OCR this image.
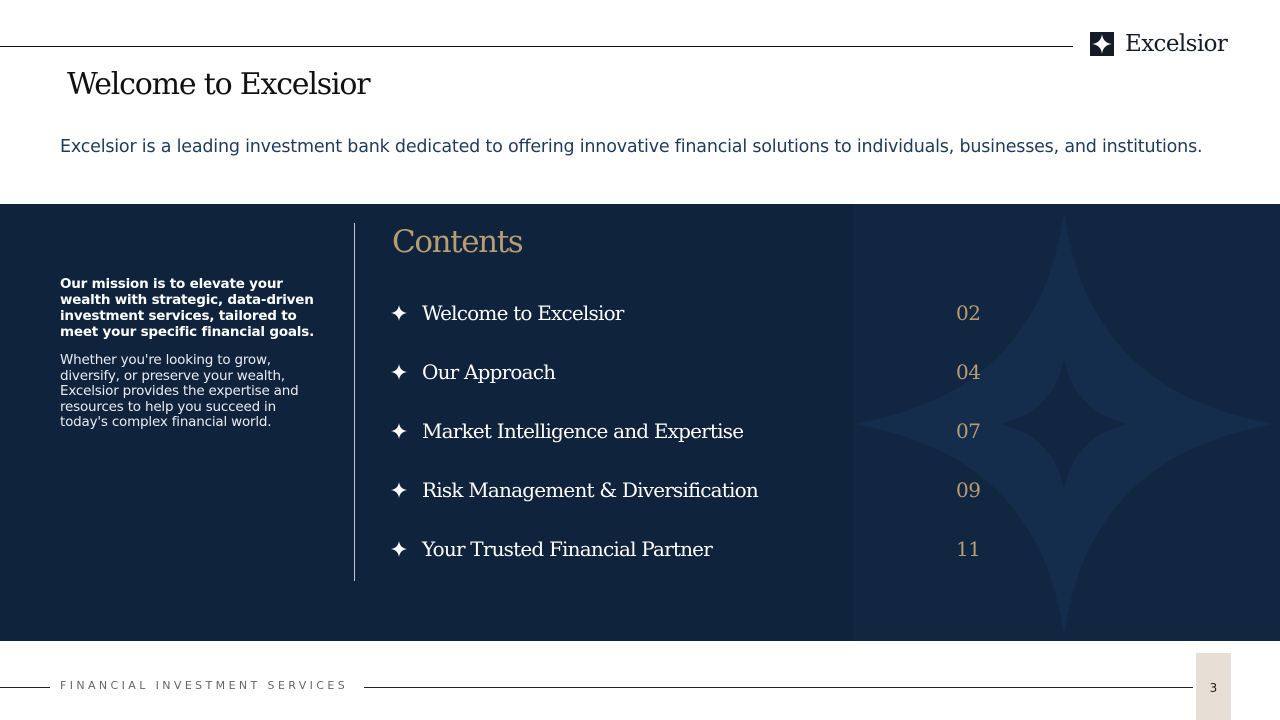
Excelsior
Welcome to Excelsior

Excelsior is a leading investment bank dedicated to offering innovative financial solutions to individuals, businesses, and institutions.

Our mission is to elevate your wealth with strategic, data-driven investment services, tailored to meet your specific financial goals.

Whether you're looking to grow, diversify, or preserve your wealth, Excelsior provides the expertise and resources to help you succeed in today's complex financial world.

Contents
Welcome to Excelsior	02
Our Approach	04
Market Intelligence and Expertise	07
Risk Management & Diversification	09
Your Trusted Financial Partner	11
FINANCIAL INVESTMENT SERVICES	3
